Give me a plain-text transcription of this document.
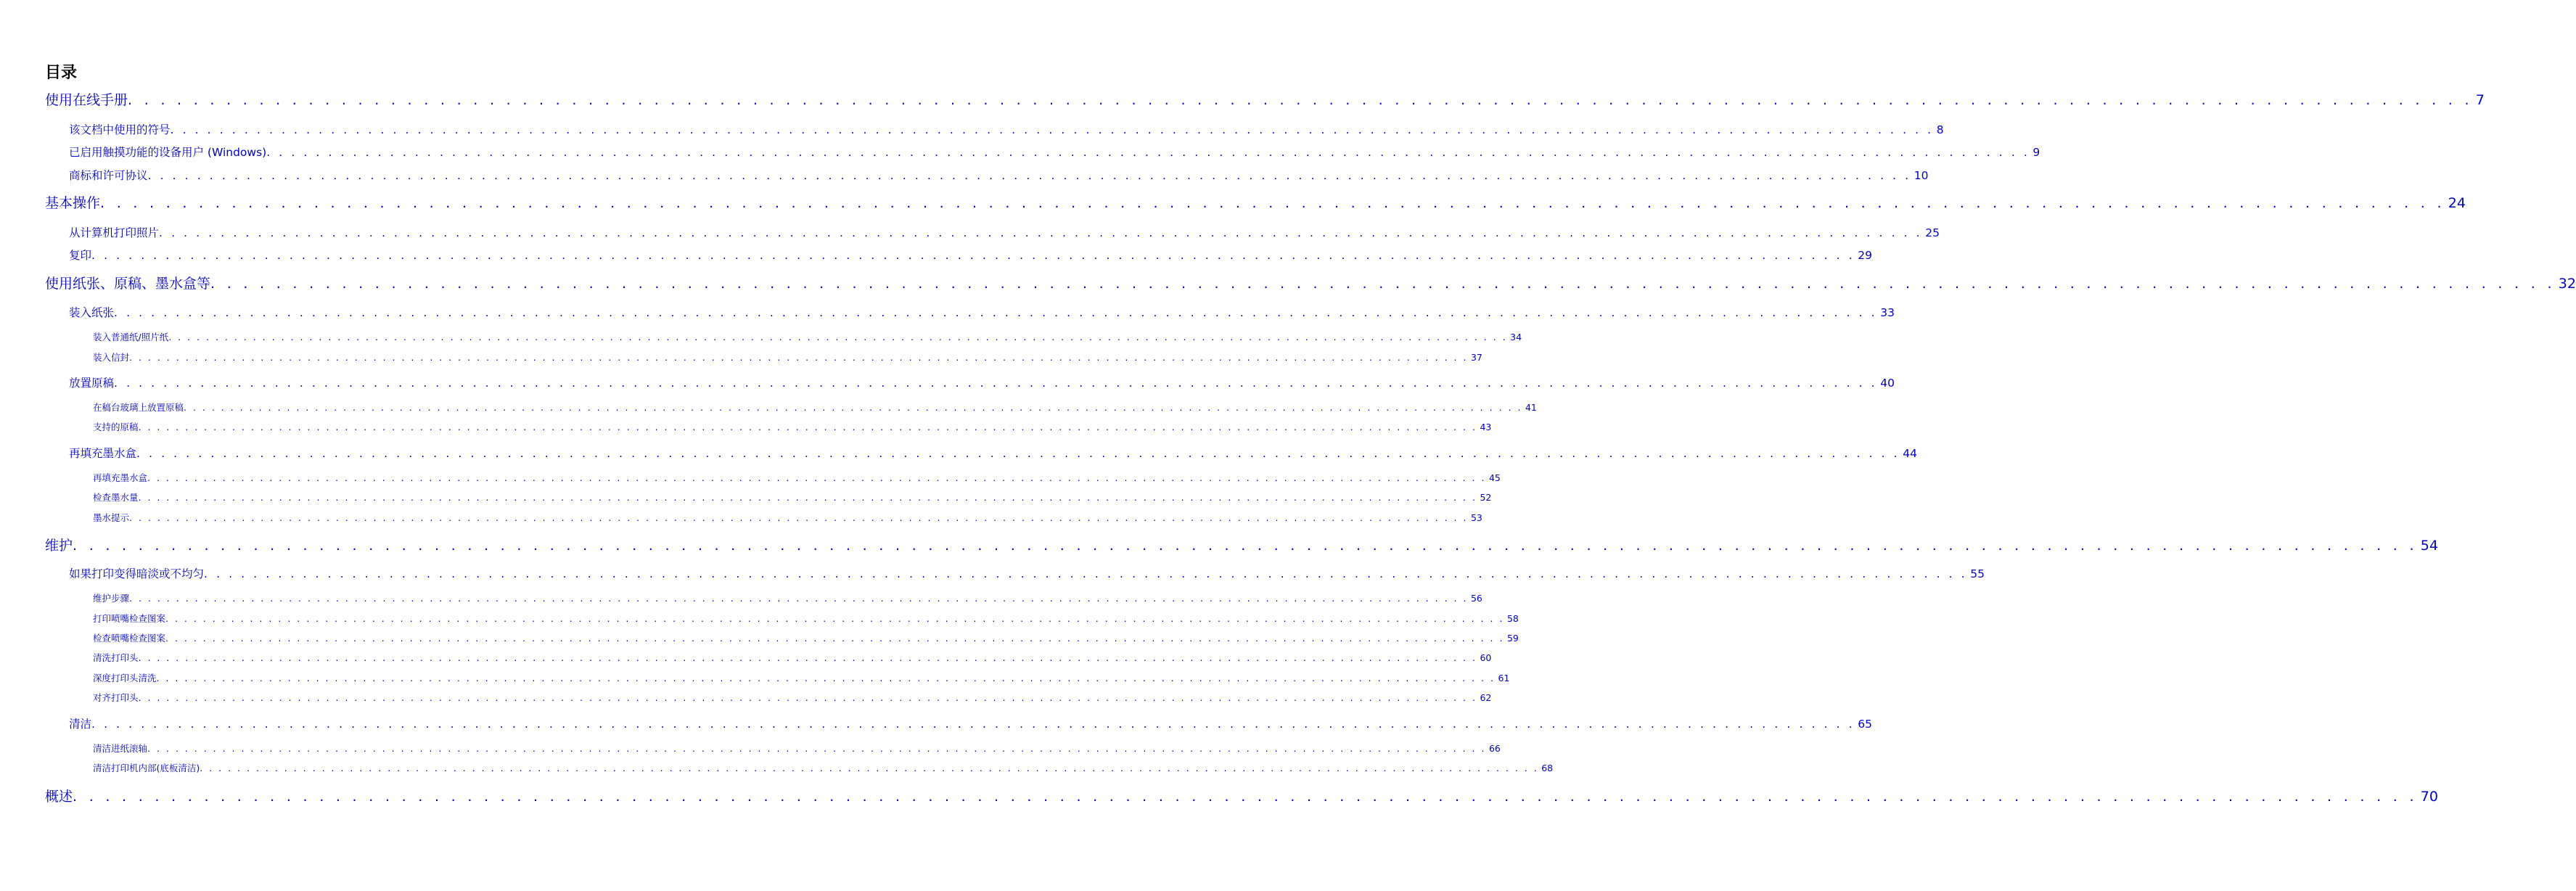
目录
使用在线手册 . . . . . . . . . . . . . . . . . . . . . . . . . . . . . . . . . . . . . . . . . . . . . . . . . . . . . . . . . . . . . . . . . . . . . . . . . . . . . . . . . . . . . . . . . . . . . . . . . . . . . . . . . . . . . . . . . . . . . . . . . . . . . . . . . . . . . . . . . . . . . . . 7
该文档中使用的符号 . . . . . . . . . . . . . . . . . . . . . . . . . . . . . . . . . . . . . . . . . . . . . . . . . . . . . . . . . . . . . . . . . . . . . . . . . . . . . . . . . . . . . . . . . . . . . . . . . . . . . . . . . . . . . . . . . . . . . . . . . . . . . . . . . . . . . . . . . . . . . . . 8
已启用触摸功能的设备用户 (Windows) . . . . . . . . . . . . . . . . . . . . . . . . . . . . . . . . . . . . . . . . . . . . . . . . . . . . . . . . . . . . . . . . . . . . . . . . . . . . . . . . . . . . . . . . . . . . . . . . . . . . . . . . . . . . . . . . . . . . . . . . . . . . . . . . . . . . . . . . . . . . . . . 9
商标和许可协议 . . . . . . . . . . . . . . . . . . . . . . . . . . . . . . . . . . . . . . . . . . . . . . . . . . . . . . . . . . . . . . . . . . . . . . . . . . . . . . . . . . . . . . . . . . . . . . . . . . . . . . . . . . . . . . . . . . . . . . . . . . . . . . . . . . . . . . . . . . . . . . . 10
基本操作 . . . . . . . . . . . . . . . . . . . . . . . . . . . . . . . . . . . . . . . . . . . . . . . . . . . . . . . . . . . . . . . . . . . . . . . . . . . . . . . . . . . . . . . . . . . . . . . . . . . . . . . . . . . . . . . . . . . . . . . . . . . . . . . . . . . . . . . . . . . . . . . 24
从计算机打印照片 . . . . . . . . . . . . . . . . . . . . . . . . . . . . . . . . . . . . . . . . . . . . . . . . . . . . . . . . . . . . . . . . . . . . . . . . . . . . . . . . . . . . . . . . . . . . . . . . . . . . . . . . . . . . . . . . . . . . . . . . . . . . . . . . . . . . . . . . . . . . . . . 25
复印 . . . . . . . . . . . . . . . . . . . . . . . . . . . . . . . . . . . . . . . . . . . . . . . . . . . . . . . . . . . . . . . . . . . . . . . . . . . . . . . . . . . . . . . . . . . . . . . . . . . . . . . . . . . . . . . . . . . . . . . . . . . . . . . . . . . . . . . . . . . . . . . 29
使用纸张、原稿、墨水盒等 . . . . . . . . . . . . . . . . . . . . . . . . . . . . . . . . . . . . . . . . . . . . . . . . . . . . . . . . . . . . . . . . . . . . . . . . . . . . . . . . . . . . . . . . . . . . . . . . . . . . . . . . . . . . . . . . . . . . . . . . . . . . . . . . . . . . . . . . . . . . . . . 32
装入纸张 . . . . . . . . . . . . . . . . . . . . . . . . . . . . . . . . . . . . . . . . . . . . . . . . . . . . . . . . . . . . . . . . . . . . . . . . . . . . . . . . . . . . . . . . . . . . . . . . . . . . . . . . . . . . . . . . . . . . . . . . . . . . . . . . . . . . . . . . . . . . . . . 33
装入普通纸/照片纸 . . . . . . . . . . . . . . . . . . . . . . . . . . . . . . . . . . . . . . . . . . . . . . . . . . . . . . . . . . . . . . . . . . . . . . . . . . . . . . . . . . . . . . . . . . . . . . . . . . . . . . . . . . . . . . . . . . . . . . . . . . . . . . . . . . . . . . . . . . . . . . . 34
装入信封 . . . . . . . . . . . . . . . . . . . . . . . . . . . . . . . . . . . . . . . . . . . . . . . . . . . . . . . . . . . . . . . . . . . . . . . . . . . . . . . . . . . . . . . . . . . . . . . . . . . . . . . . . . . . . . . . . . . . . . . . . . . . . . . . . . . . . . . . . . . . . . . 37
放置原稿 . . . . . . . . . . . . . . . . . . . . . . . . . . . . . . . . . . . . . . . . . . . . . . . . . . . . . . . . . . . . . . . . . . . . . . . . . . . . . . . . . . . . . . . . . . . . . . . . . . . . . . . . . . . . . . . . . . . . . . . . . . . . . . . . . . . . . . . . . . . . . . . 40
在稿台玻璃上放置原稿 . . . . . . . . . . . . . . . . . . . . . . . . . . . . . . . . . . . . . . . . . . . . . . . . . . . . . . . . . . . . . . . . . . . . . . . . . . . . . . . . . . . . . . . . . . . . . . . . . . . . . . . . . . . . . . . . . . . . . . . . . . . . . . . . . . . . . . . . . . . . . . . 41
支持的原稿 . . . . . . . . . . . . . . . . . . . . . . . . . . . . . . . . . . . . . . . . . . . . . . . . . . . . . . . . . . . . . . . . . . . . . . . . . . . . . . . . . . . . . . . . . . . . . . . . . . . . . . . . . . . . . . . . . . . . . . . . . . . . . . . . . . . . . . . . . . . . . . . 43
再填充墨水盒 . . . . . . . . . . . . . . . . . . . . . . . . . . . . . . . . . . . . . . . . . . . . . . . . . . . . . . . . . . . . . . . . . . . . . . . . . . . . . . . . . . . . . . . . . . . . . . . . . . . . . . . . . . . . . . . . . . . . . . . . . . . . . . . . . . . . . . . . . . . . . . . 44
再填充墨水盒 . . . . . . . . . . . . . . . . . . . . . . . . . . . . . . . . . . . . . . . . . . . . . . . . . . . . . . . . . . . . . . . . . . . . . . . . . . . . . . . . . . . . . . . . . . . . . . . . . . . . . . . . . . . . . . . . . . . . . . . . . . . . . . . . . . . . . . . . . . . . . . . 45
检查墨水量 . . . . . . . . . . . . . . . . . . . . . . . . . . . . . . . . . . . . . . . . . . . . . . . . . . . . . . . . . . . . . . . . . . . . . . . . . . . . . . . . . . . . . . . . . . . . . . . . . . . . . . . . . . . . . . . . . . . . . . . . . . . . . . . . . . . . . . . . . . . . . . . 52
墨水提示 . . . . . . . . . . . . . . . . . . . . . . . . . . . . . . . . . . . . . . . . . . . . . . . . . . . . . . . . . . . . . . . . . . . . . . . . . . . . . . . . . . . . . . . . . . . . . . . . . . . . . . . . . . . . . . . . . . . . . . . . . . . . . . . . . . . . . . . . . . . . . . . 53
维护 . . . . . . . . . . . . . . . . . . . . . . . . . . . . . . . . . . . . . . . . . . . . . . . . . . . . . . . . . . . . . . . . . . . . . . . . . . . . . . . . . . . . . . . . . . . . . . . . . . . . . . . . . . . . . . . . . . . . . . . . . . . . . . . . . . . . . . . . . . . . . . . 54
如果打印变得暗淡或不均匀 . . . . . . . . . . . . . . . . . . . . . . . . . . . . . . . . . . . . . . . . . . . . . . . . . . . . . . . . . . . . . . . . . . . . . . . . . . . . . . . . . . . . . . . . . . . . . . . . . . . . . . . . . . . . . . . . . . . . . . . . . . . . . . . . . . . . . . . . . . . . . . . 55
维护步骤 . . . . . . . . . . . . . . . . . . . . . . . . . . . . . . . . . . . . . . . . . . . . . . . . . . . . . . . . . . . . . . . . . . . . . . . . . . . . . . . . . . . . . . . . . . . . . . . . . . . . . . . . . . . . . . . . . . . . . . . . . . . . . . . . . . . . . . . . . . . . . . . 56
打印喷嘴检查图案 . . . . . . . . . . . . . . . . . . . . . . . . . . . . . . . . . . . . . . . . . . . . . . . . . . . . . . . . . . . . . . . . . . . . . . . . . . . . . . . . . . . . . . . . . . . . . . . . . . . . . . . . . . . . . . . . . . . . . . . . . . . . . . . . . . . . . . . . . . . . . . . 58
检查喷嘴检查图案 . . . . . . . . . . . . . . . . . . . . . . . . . . . . . . . . . . . . . . . . . . . . . . . . . . . . . . . . . . . . . . . . . . . . . . . . . . . . . . . . . . . . . . . . . . . . . . . . . . . . . . . . . . . . . . . . . . . . . . . . . . . . . . . . . . . . . . . . . . . . . . . 59
清洗打印头 . . . . . . . . . . . . . . . . . . . . . . . . . . . . . . . . . . . . . . . . . . . . . . . . . . . . . . . . . . . . . . . . . . . . . . . . . . . . . . . . . . . . . . . . . . . . . . . . . . . . . . . . . . . . . . . . . . . . . . . . . . . . . . . . . . . . . . . . . . . . . . . 60
深度打印头清洗 . . . . . . . . . . . . . . . . . . . . . . . . . . . . . . . . . . . . . . . . . . . . . . . . . . . . . . . . . . . . . . . . . . . . . . . . . . . . . . . . . . . . . . . . . . . . . . . . . . . . . . . . . . . . . . . . . . . . . . . . . . . . . . . . . . . . . . . . . . . . . . . 61
对齐打印头 . . . . . . . . . . . . . . . . . . . . . . . . . . . . . . . . . . . . . . . . . . . . . . . . . . . . . . . . . . . . . . . . . . . . . . . . . . . . . . . . . . . . . . . . . . . . . . . . . . . . . . . . . . . . . . . . . . . . . . . . . . . . . . . . . . . . . . . . . . . . . . . 62
清洁 . . . . . . . . . . . . . . . . . . . . . . . . . . . . . . . . . . . . . . . . . . . . . . . . . . . . . . . . . . . . . . . . . . . . . . . . . . . . . . . . . . . . . . . . . . . . . . . . . . . . . . . . . . . . . . . . . . . . . . . . . . . . . . . . . . . . . . . . . . . . . . . 65
清洁进纸滚轴 . . . . . . . . . . . . . . . . . . . . . . . . . . . . . . . . . . . . . . . . . . . . . . . . . . . . . . . . . . . . . . . . . . . . . . . . . . . . . . . . . . . . . . . . . . . . . . . . . . . . . . . . . . . . . . . . . . . . . . . . . . . . . . . . . . . . . . . . . . . . . . . 66
清洁打印机内部(底板清洁) . . . . . . . . . . . . . . . . . . . . . . . . . . . . . . . . . . . . . . . . . . . . . . . . . . . . . . . . . . . . . . . . . . . . . . . . . . . . . . . . . . . . . . . . . . . . . . . . . . . . . . . . . . . . . . . . . . . . . . . . . . . . . . . . . . . . . . . . . . . . . . . 68
概述 . . . . . . . . . . . . . . . . . . . . . . . . . . . . . . . . . . . . . . . . . . . . . . . . . . . . . . . . . . . . . . . . . . . . . . . . . . . . . . . . . . . . . . . . . . . . . . . . . . . . . . . . . . . . . . . . . . . . . . . . . . . . . . . . . . . . . . . . . . . . . . . 70
